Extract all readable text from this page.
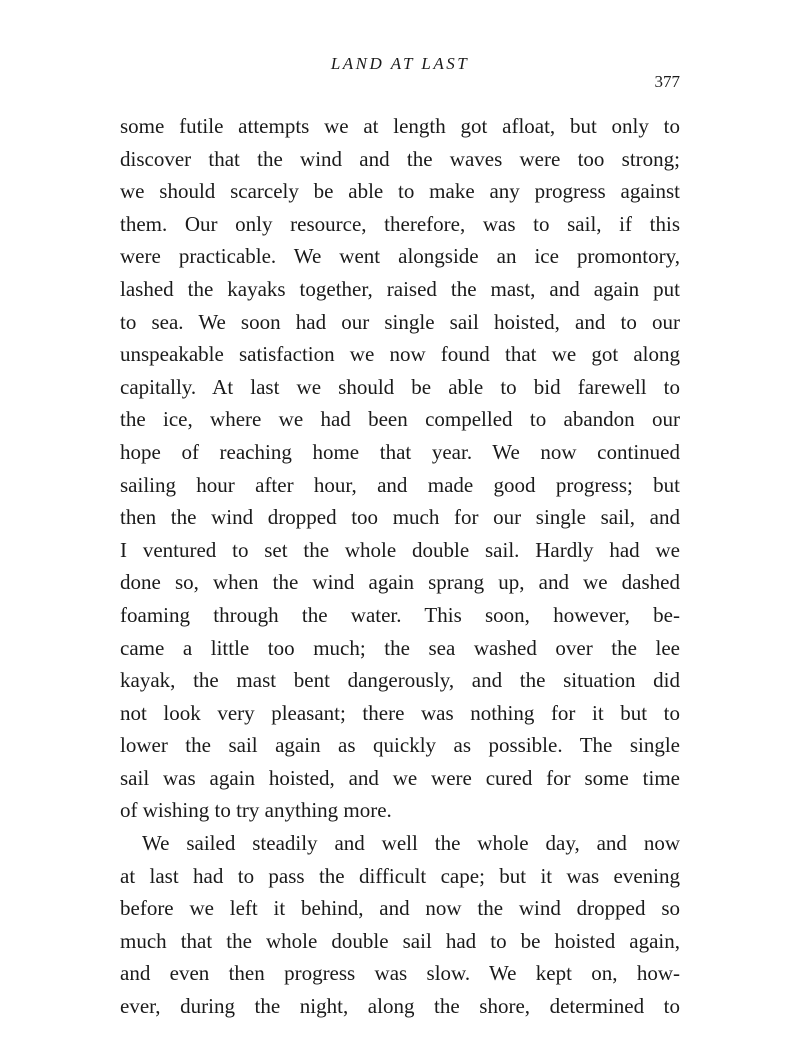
LAND AT LAST
377
some futile attempts we at length got afloat, but only to
discover that the wind and the waves were too strong;
we should scarcely be able to make any progress against
them. Our only resource, therefore, was to sail, if this
were practicable. We went alongside an ice promontory,
lashed the kayaks together, raised the mast, and again put
to sea. We soon had our single sail hoisted, and to our
unspeakable satisfaction we now found that we got along
capitally. At last we should be able to bid farewell to
the ice, where we had been compelled to abandon our
hope of reaching home that year. We now continued
sailing hour after hour, and made good progress; but
then the wind dropped too much for our single sail, and
I ventured to set the whole double sail. Hardly had we
done so, when the wind again sprang up, and we dashed
foaming through the water. This soon, however, be-
came a little too much; the sea washed over the lee
kayak, the mast bent dangerously, and the situation did
not look very pleasant; there was nothing for it but to
lower the sail again as quickly as possible. The single
sail was again hoisted, and we were cured for some time
of wishing to try anything more.
We sailed steadily and well the whole day, and now
at last had to pass the difficult cape; but it was evening
before we left it behind, and now the wind dropped so
much that the whole double sail had to be hoisted again,
and even then progress was slow. We kept on, how-
ever, during the night, along the shore, determined to
